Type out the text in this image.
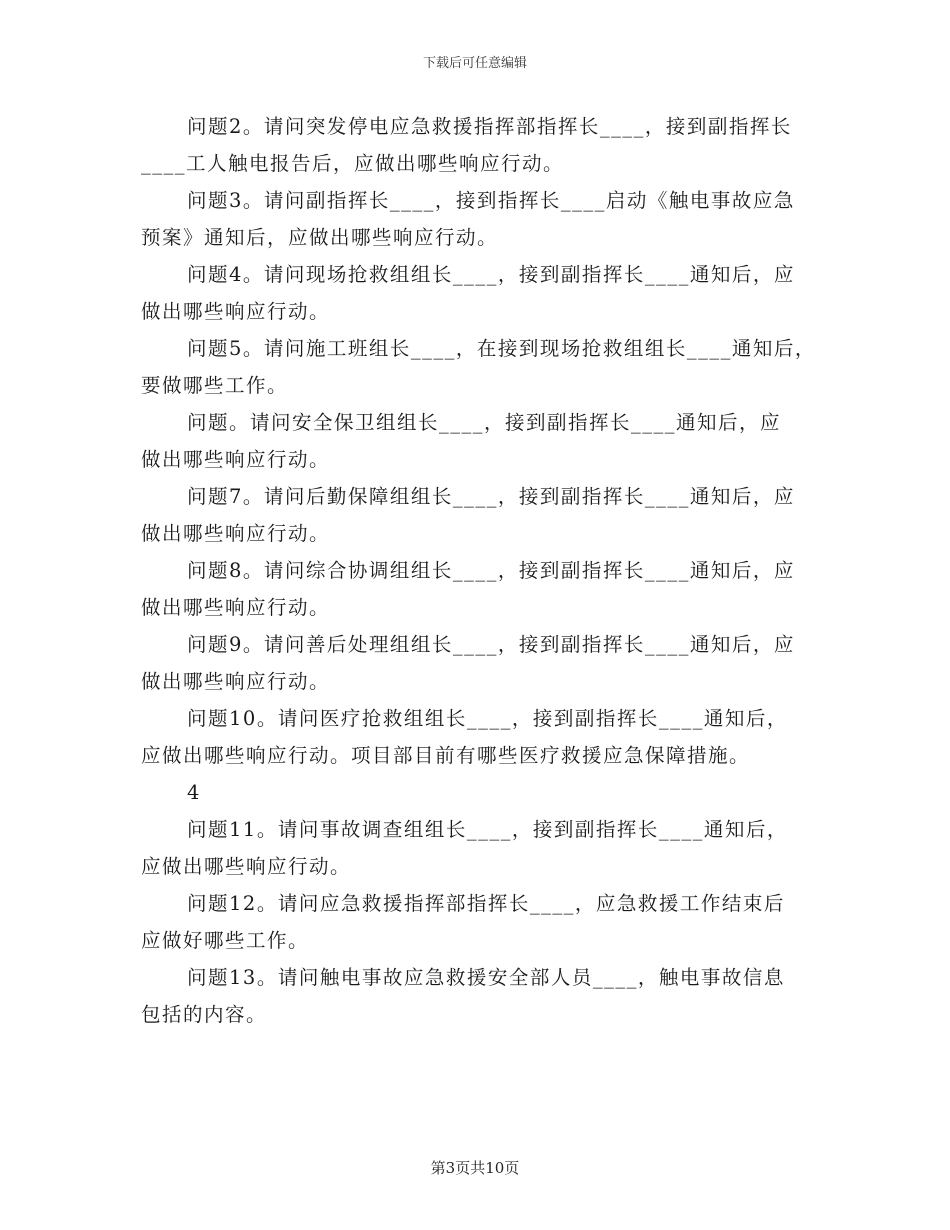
下载后可任意编辑

问题2。请问突发停电应急救援指挥部指挥长____，接到副指挥长
____工人触电报告后，应做出哪些响应行动。

问题3。请问副指挥长____，接到指挥长____启动《触电事故应急
预案》通知后，应做出哪些响应行动。

问题4。请问现场抢救组组长____，接到副指挥长____通知后，应
做出哪些响应行动。

问题5。请问施工班组长____，在接到现场抢救组组长____通知后，
要做哪些工作。

问题。请问安全保卫组组长____，接到副指挥长____通知后，应
做出哪些响应行动。

问题7。请问后勤保障组组长____，接到副指挥长____通知后，应
做出哪些响应行动。

问题8。请问综合协调组组长____，接到副指挥长____通知后，应
做出哪些响应行动。

问题9。请问善后处理组组长____，接到副指挥长____通知后，应
做出哪些响应行动。

问题10。请问医疗抢救组组长____，接到副指挥长____通知后，
应做出哪些响应行动。项目部目前有哪些医疗救援应急保障措施。

4

问题11。请问事故调查组组长____，接到副指挥长____通知后，
应做出哪些响应行动。

问题12。请问应急救援指挥部指挥长____，应急救援工作结束后
应做好哪些工作。

问题13。请问触电事故应急救援安全部人员____，触电事故信息
包括的内容。

第3页共10页
